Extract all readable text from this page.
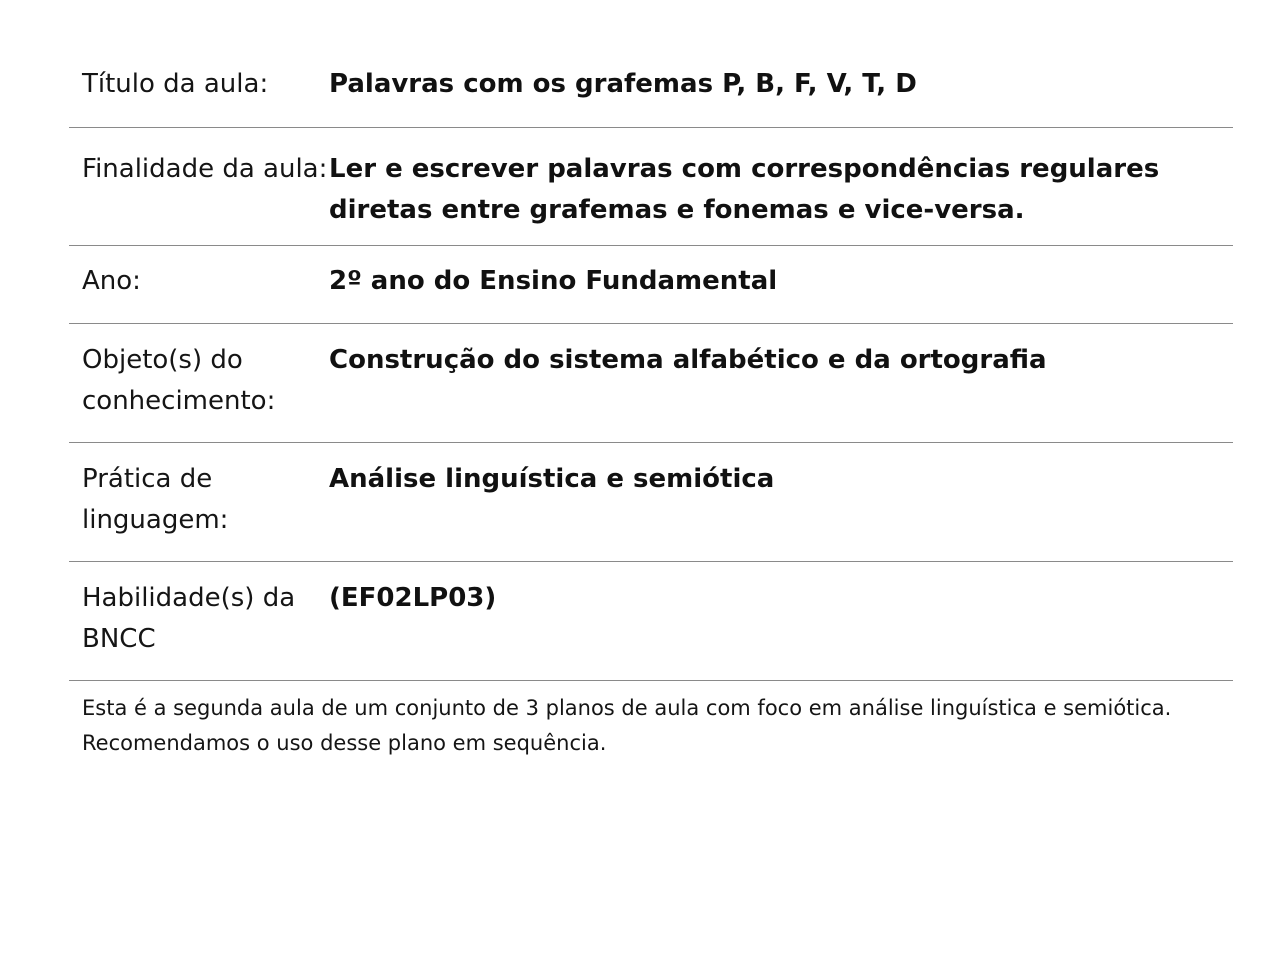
Título da aula:	Palavras com os grafemas P, B, F, V, T, D
Finalidade da aula: Ler e escrever palavras com correspondências regulares diretas entre grafemas e fonemas e vice-versa.
Ano:	2º ano do Ensino Fundamental
Objeto(s) do conhecimento:
Construção do sistema alfabético e da ortografia
Prática de linguagem:
Análise linguística e semiótica
Habilidade(s) da BNCC
(EF02LP03)
Esta é a segunda aula de um conjunto de 3 planos de aula com foco em análise linguística e semiótica. Recomendamos o uso desse plano em sequência.
